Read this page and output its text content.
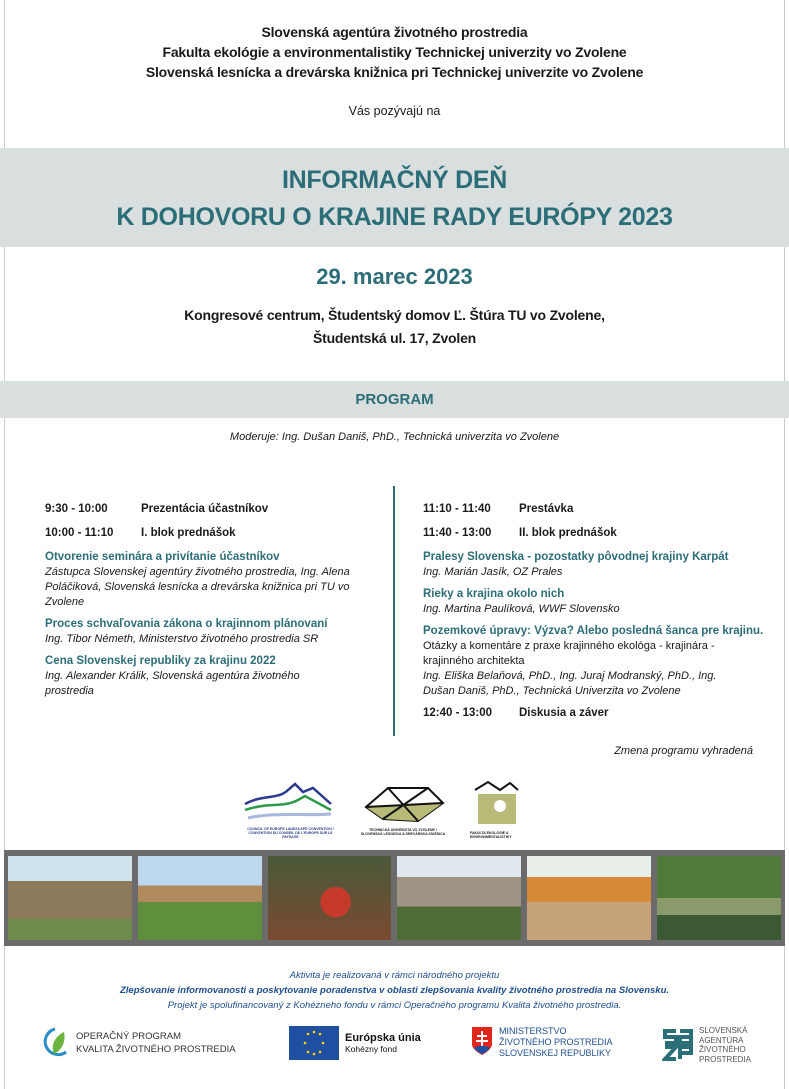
Slovenská agentúra životného prostredia
Fakulta ekológie a environmentalistiky Technickej univerzity vo Zvolene
Slovenská lesnícka a drevárska knižnica pri Technickej univerzite vo Zvolene
Vás pozývajú na
INFORMAČNÝ DEŇ
K DOHOVORU O KRAJINE RADY EURÓPY 2023
29. marec 2023
Kongresové centrum, Študentský domov Ľ. Štúra TU vo Zvolene,
Študentská ul. 17, Zvolen
PROGRAM
Moderuje: Ing. Dušan Daniš, PhD., Technická univerzita vo Zvolene
9:30 - 10:00	Prezentácia účastníkov
10:00 - 11:10	I. blok prednášok
Otvorenie seminára a privítanie účastníkov
Zástupca Slovenskej agentúry životného prostredia, Ing. Alena Poláčiková, Slovenská lesnícka a drevárska knižnica pri TU vo Zvolene
Proces schvaľovania zákona o krajinnom plánovaní
Ing. Tibor Németh, Ministerstvo životného prostredia SR
Cena Slovenskej republiky za krajinu 2022
Ing. Alexander Králik, Slovenská agentúra životného prostredia
11:10 - 11:40	Prestávka
11:40 - 13:00	II. blok prednášok
Pralesy Slovenska - pozostatky pôvodnej krajiny Karpát
Ing. Marián Jasík, OZ Prales
Rieky a krajina okolo nich
Ing. Martina Paulíková, WWF Slovensko
Pozemkové úpravy: Výzva? Alebo posledná šanca pre krajinu.
Otázky a komentáre z praxe krajinného ekológa - krajinára - krajinného architekta
Ing. Eliška Belaňová, PhD., Ing. Juraj Modranský, PhD., Ing. Dušan Daniš, PhD., Technická Univerzita vo Zvolene
12:40 - 13:00	Diskusia a záver
Zmena programu vyhradená
COUNCIL OF EUROPE LANDSCAPE CONVENTION / CONVENTION DU CONSEIL DE L'EUROPE SUR LE PAYSAGE
TECHNICKÁ UNIVERZITA VO ZVOLENE / SLOVENSKÁ LESNÍCKA A DREVÁRSKA KNIŽNICA	FAKULTA EKOLÓGIE A ENVIRONMENTALISTIKY
Aktivita je realizovaná v rámci národného projektu
Zlepšovanie informovanosti a poskytovanie poradenstva v oblasti zlepšovania kvality životného prostredia na Slovensku.
Projekt je spolufinancovaný z Kohézneho fondu v rámci Operačného programu Kvalita životného prostredia.
OPERAČNÝ PROGRAM
KVALITA ŽIVOTNÉHO PROSTREDIA
Európska únia
Kohézny fond
MINISTERSTVO
ŽIVOTNÉHO PROSTREDIA
SLOVENSKEJ REPUBLIKY
SLOVENSKÁ
AGENTÚRA
ŽIVOTNÉHO
PROSTREDIA
